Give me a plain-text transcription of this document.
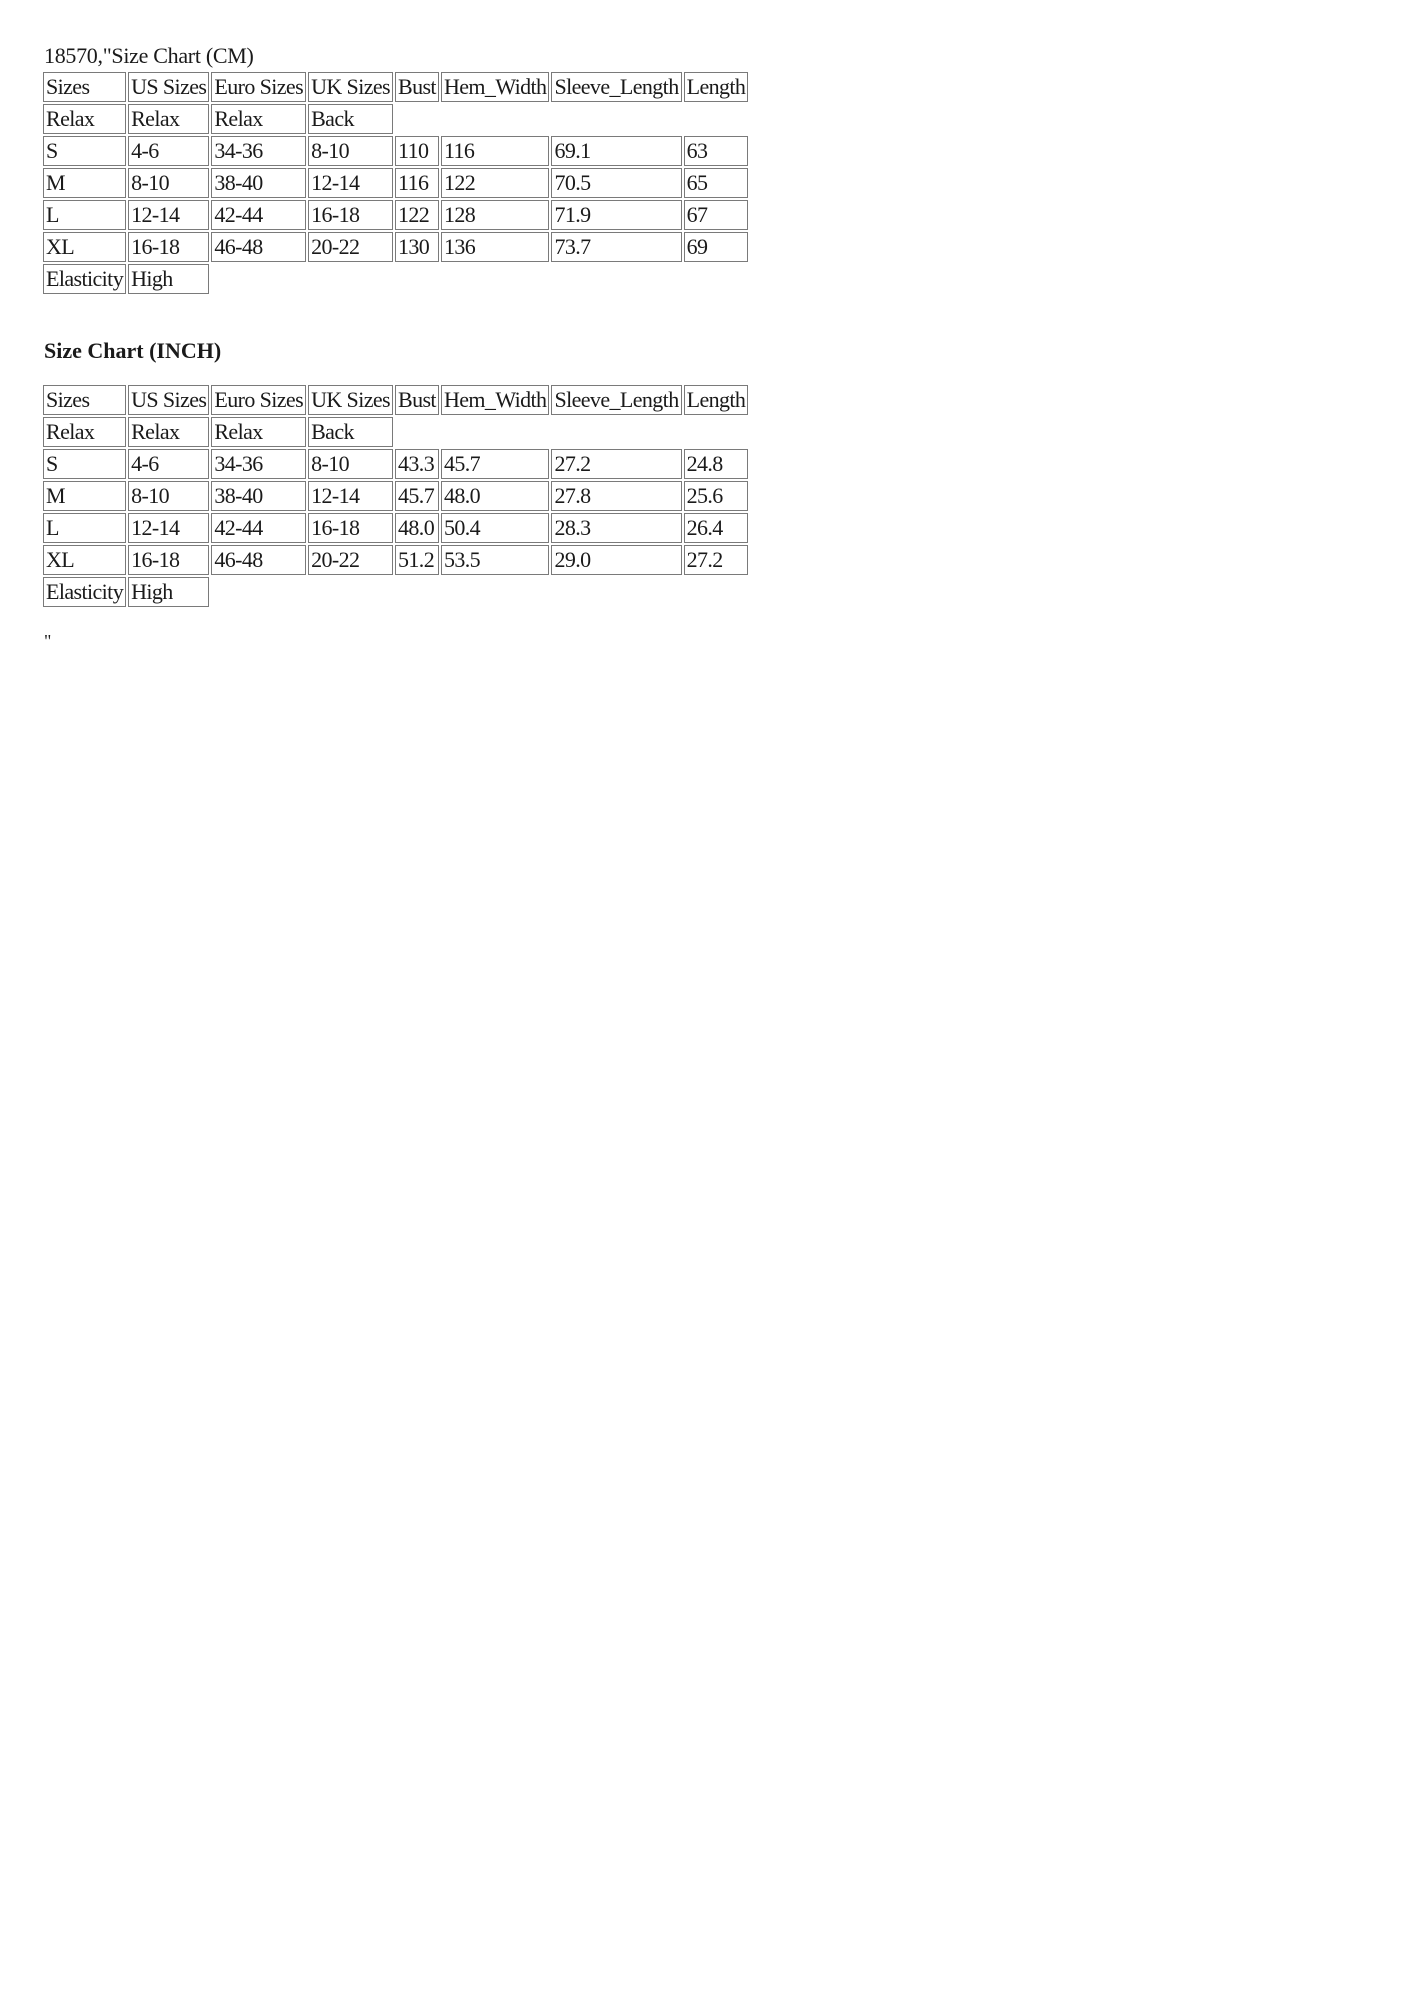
18570,"Size Chart (CM)
Sizes	US Sizes	Euro Sizes	UK Sizes	Bust	Hem_Width	Sleeve_Length	Length
Relax	Relax	Relax	Back				
S	4-6	34-36	8-10	110	116	69.1	63
M	8-10	38-40	12-14	116	122	70.5	65
L	12-14	42-44	16-18	122	128	71.9	67
XL	16-18	46-48	20-22	130	136	73.7	69
Elasticity	High						
Size Chart (INCH)
Sizes	US Sizes	Euro Sizes	UK Sizes	Bust	Hem_Width	Sleeve_Length	Length
Relax	Relax	Relax	Back				
S	4-6	34-36	8-10	43.3	45.7	27.2	24.8
M	8-10	38-40	12-14	45.7	48.0	27.8	25.6
L	12-14	42-44	16-18	48.0	50.4	28.3	26.4
XL	16-18	46-48	20-22	51.2	53.5	29.0	27.2
Elasticity	High						
"
